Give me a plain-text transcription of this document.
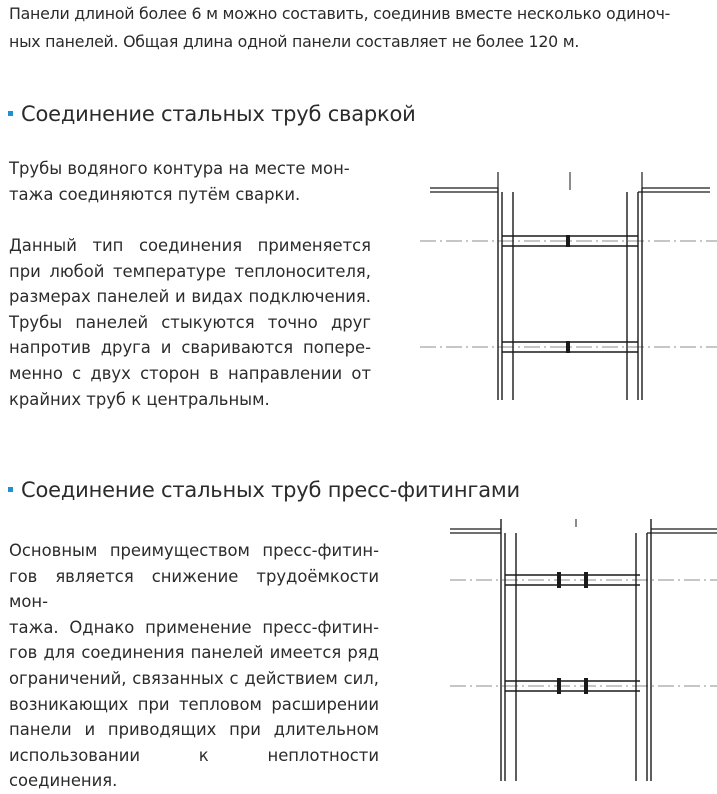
Панели длиной более 6 м можно составить, соединив вместе несколько одиноч-
ных панелей. Общая длина одной панели составляет не более 120 м.

Соединение стальных труб сваркой

Трубы водяного контура на месте мон-
тажа соединяются путём сварки.

Данный тип соединения применяется
при любой температуре теплоносителя,
размерах панелей и видах подключения.
Трубы панелей стыкуются точно друг
напротив друга и свариваются попере-
менно с двух сторон в направлении от
крайних труб к центральным.

Соединение стальных труб пресс-фитингами

Основным преимуществом пресс-фитин-
гов является снижение трудоёмкости мон-
тажа. Однако применение пресс-фитин-
гов для соединения панелей имеется ряд
ограничений, связанных с действием сил,
возникающих при тепловом расширении
панели и приводящих при длительном
использовании к неплотности соединения.
